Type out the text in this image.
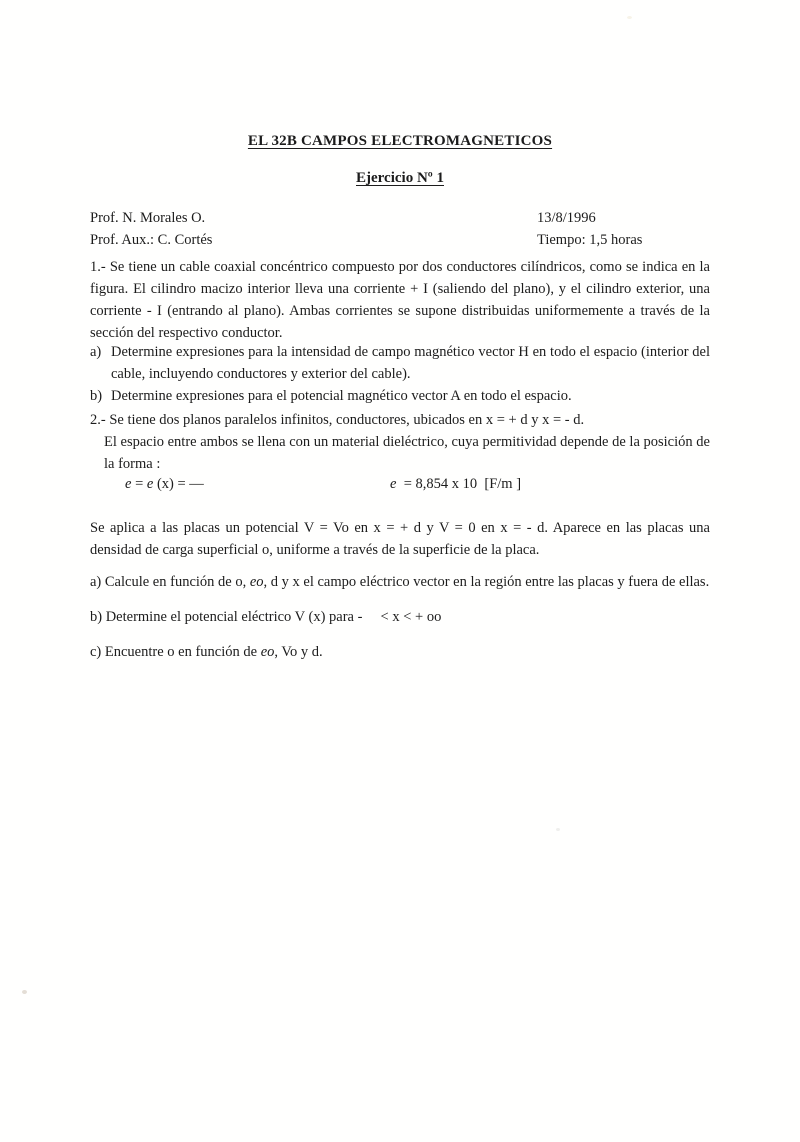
EL 32B CAMPOS ELECTROMAGNETICOS
Ejercicio Nº 1
Prof. N. Morales O.
Prof. Aux.: C. Cortés
13/8/1996
Tiempo: 1,5 horas
1.- Se tiene un cable coaxial concéntrico compuesto por dos conductores cilíndricos, como se indica en la figura. El cilindro macizo interior lleva una corriente + I (saliendo del plano), y el cilindro exterior, una corriente - I (entrando al plano). Ambas corrientes se supone distribuidas uniformemente a través de la sección del respectivo conductor.
a) Determine expresiones para la intensidad de campo magnético vector H en todo el espacio (interior del cable, incluyendo conductores y exterior del cable).
b) Determine expresiones para el potencial magnético vector A en todo el espacio.
2.- Se tiene dos planos paralelos infinitos, conductores, ubicados en x = + d y x = - d.
El espacio entre ambos se llena con un material dieléctrico, cuya permitividad depende de la posición de
la forma :
e = e (x) = —	e  = 8,854 x 10  [F/m ]
Se aplica a las placas un potencial V = Vo en x = + d y V = 0 en x = - d. Aparece en las placas una densidad de carga superficial o, uniforme a través de la superficie de la placa.
a) Calcule en función de o, eo, d y x el campo eléctrico vector en la región entre las placas y fuera de ellas.
b) Determine el potencial eléctrico V (x) para -     < x < + oo
c) Encuentre o en función de eo, Vo y d.
